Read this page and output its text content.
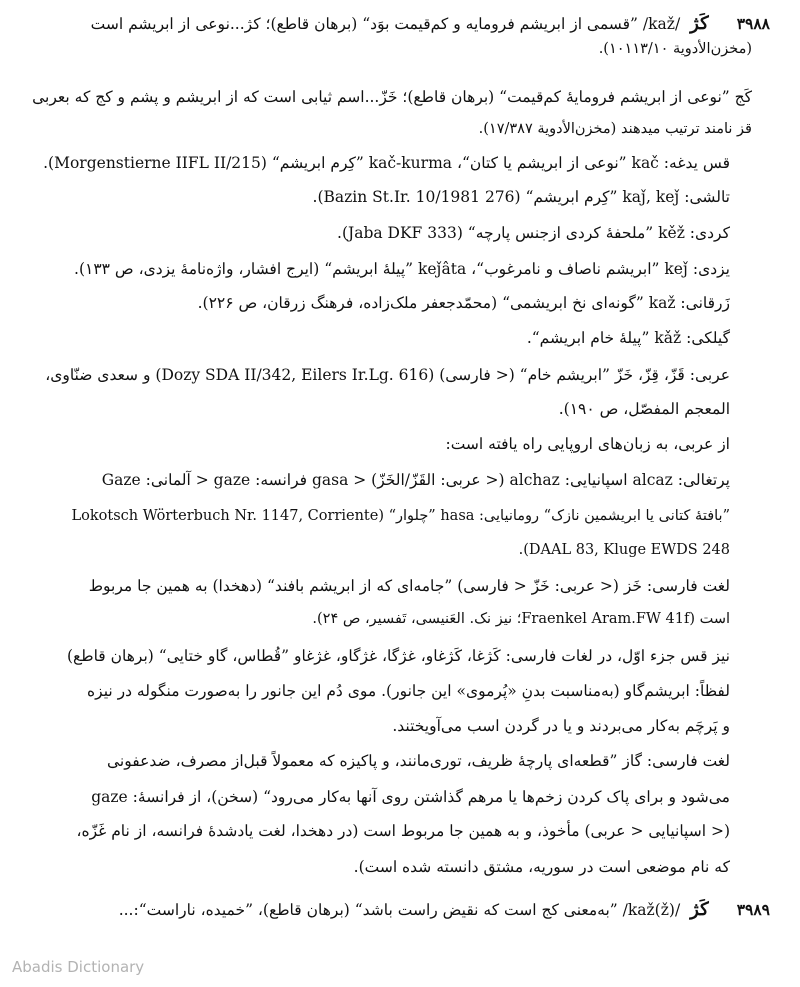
۳۹۸۸کَژ/kaž/ ”قسمی از ابریشم فرومایه و کم‌قیمت بوَد“ (برهان قاطع)؛ کژ...نوعی از ابریشم است
(مخزن‌الأدویة ۱۰۱۱۳/۱۰).
کَج ”نوعی از ابریشم فرومایهٔ کم‌قیمت“ (برهان قاطع)؛ خَزّ...اسم ثیابی است که از ابریشم و پشم و کج که بعربی
قز نامند ترتیب میدهند (مخزن‌الأدویة ۱۷/۳۸۷).
قس یدغه: kač ”نوعی از ابریشم یا کتان“، kač-kurma ”کِرم ابریشم“ (Morgenstierne IIFL II/215).
تالشی: kaǰ, keǰ ”کِرم ابریشم“ (Bazin St.Ir. 10/1981 276).
کردی: kěž ”ملحفهٔ کردی ازجنس پارچه“ (Jaba DKF 333).
یزدی: keǰ ”ابریشم ناصاف و نامرغوب“، keǰâta ”پیلهٔ ابریشم“ (ایرج افشار، واژه‌نامهٔ یزدی، ص ۱۳۳).
زَرقانی: kaž ”گونه‌ای نخ ابریشمی“ (محمّدجعفر ملک‌زاده، فرهنگ زرقان، ص ۲۲۶).
گیلکی: kǎž ”پیلهٔ خام ابریشم“.
عربی: قَزّ، قِزّ، خَزّ ”ابریشم خام“ (< فارسی) (Dozy SDA II/342, Eilers Ir.Lg. 616) و سعدی ضنّاوی،
المعجم المفصّل، ص ۱۹۰).
از عربی، به زبان‌های اروپایی راه یافته است:
پرتغالی: alcaz اسپانیایی: alchaz (< عربی: القَزّ/الخَزّ) < gasa فرانسه: gaze < آلمانی: Gaze
”بافتهٔ کتانی یا ابریشمین نازک“ رومانیایی: hasa ”چلوار“ (Lokotsch Wörterbuch Nr. 1147, Corriente
DAAL 83, Kluge EWDS 248).
لغت فارسی: خَز (< عربی: خَزّ < فارسی) ”جامه‌ای که از ابریشم بافند“ (دهخدا) به همین جا مربوط
است (Fraenkel Aram.FW 41f؛ نیز نک. العَنیسی، تَفسیر، ص ۲۴).
نیز قس جزء اوّل، در لغات فارسی: کَژغا، کَژغاو، غژگا، غژگاو، غژغاو ”قُطاس، گاو ختایی“ (برهان قاطع)
لفظاً: ابریشم‌گاو (به‌مناسبت بدنِ «پُرموی» این جانور). موی دُم این جانور را به‌صورت منگوله در نیزه
و پَرچَم به‌کار می‌بردند و یا در گردن اسب می‌آویختند.
لغت فارسی: گاز ”قطعه‌ای پارچهٔ ظریف، توری‌مانند، و پاکیزه که معمولاً قبل‌از مصرف، ضدعفونی
می‌شود و برای پاک کردن زخم‌ها یا مرهم گذاشتن روی آنها به‌کار می‌رود“ (سخن)، از فرانسهٔ: gaze
(< اسپانیایی < عربی) مأخوذ، و به همین جا مربوط است (در دهخدا، لغت یادشدهٔ فرانسه، از نام غَزّه،
که نام موضعی است در سوریه، مشتق دانسته شده است).
۳۹۸۹کَژ/kaž(ž)/ ”به‌معنی کج است که نقیض راست باشد“ (برهان قاطع)، ”خمیده، ناراست“:...
Abadis Dictionary
